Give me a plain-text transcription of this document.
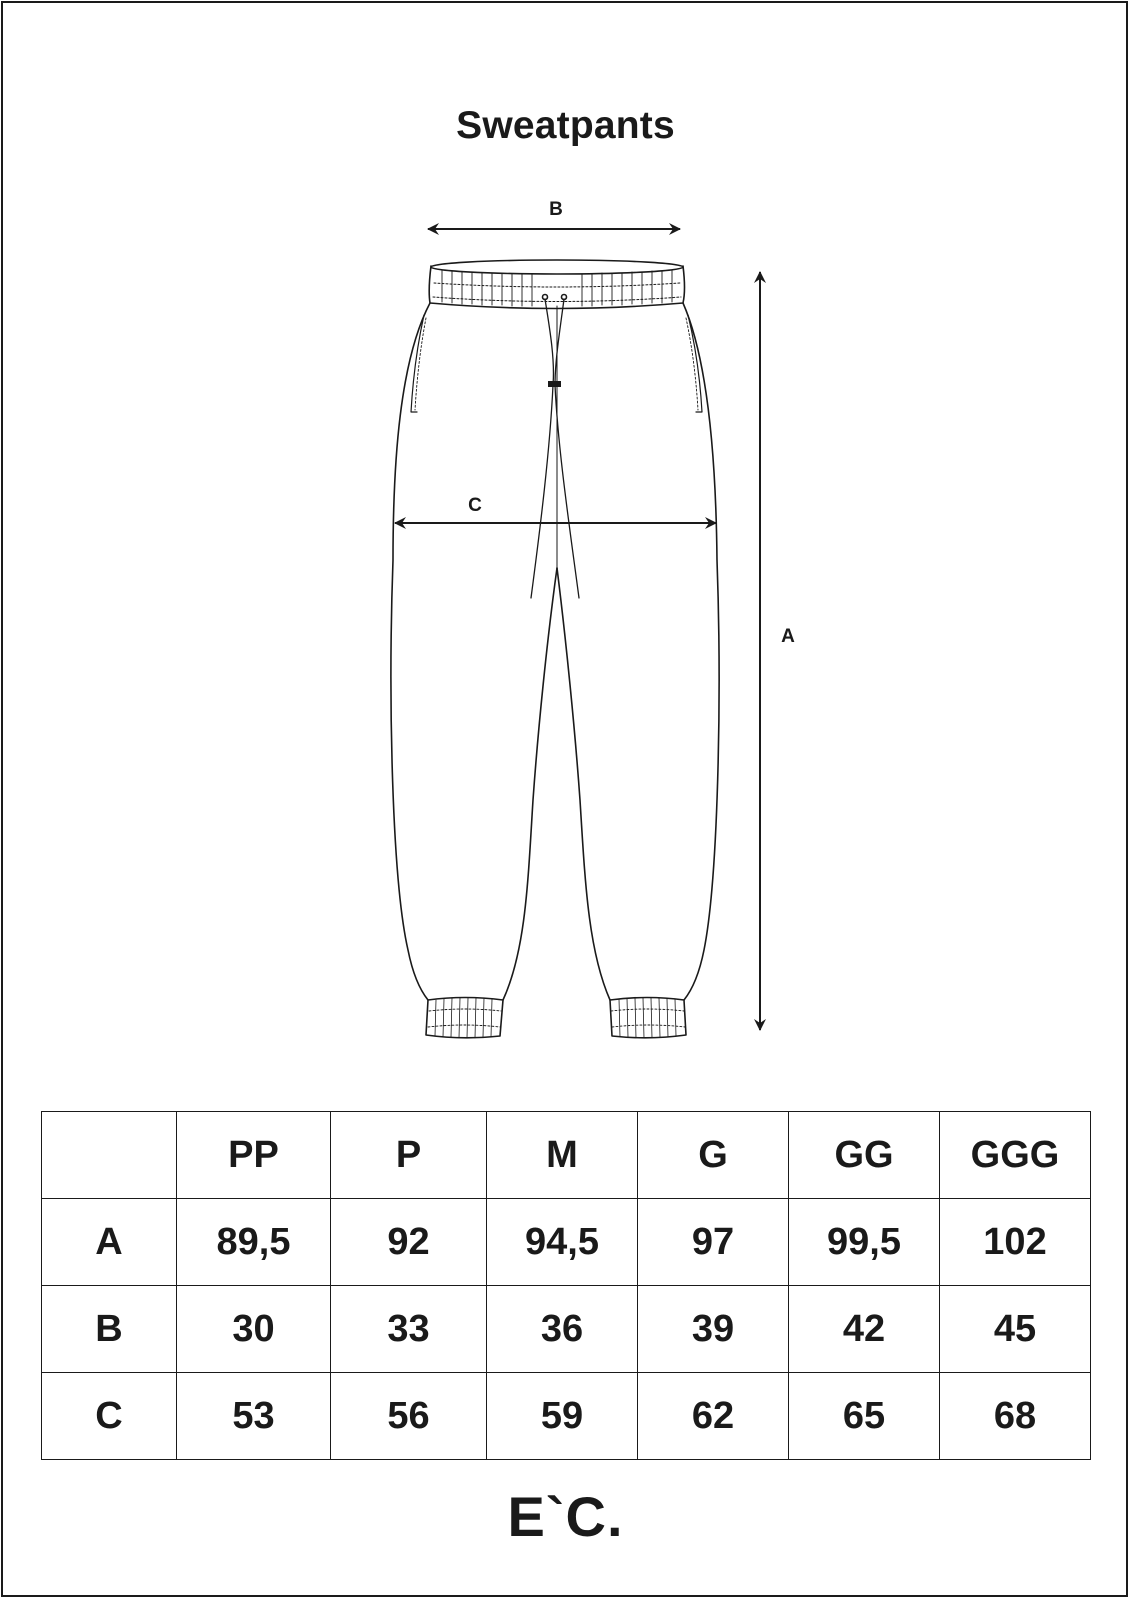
Sweatpants
B
A
C
	PP	P	M	G	GG	GGG
A	89,5	92	94,5	97	99,5	102
B	30	33	36	39	42	45
C	53	56	59	62	65	68
E`C.
